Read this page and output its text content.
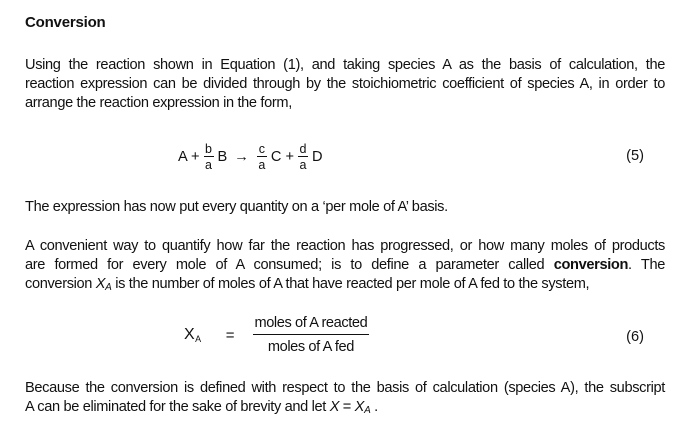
Conversion
Using the reaction shown in Equation (1), and taking species A as the basis of calculation, the
reaction expression can be divided through by the stoichiometric coefficient of species A, in order to
arrange the reaction expression in the form,
$A + \frac{b}{a}$ $B \to \frac{c}{a}$ $C + \frac{d}{a}$ D	(5)
The expression has now put every quantity on a ‘per mole of A’ basis.
A convenient way to quantify how far the reaction has progressed, or how many moles of products
are formed for every mole of A consumed; is to define a parameter called conversion. The
conversion $X_A$ is the number of moles of A that have reacted per mole of A fed to the system,
$X_A = \frac{\text{moles of A reacted}}{\text{moles of A fed}}$	(6)
Because the conversion is defined with respect to the basis of calculation (species A), the subscript
A can be eliminated for the sake of brevity and let $X = X_A$ .
